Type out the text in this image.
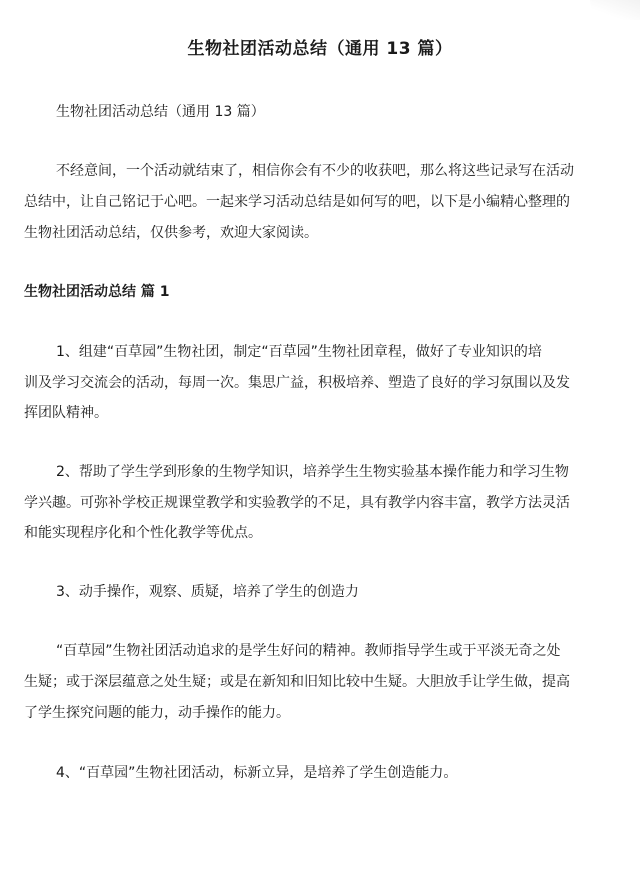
生物社团活动总结（通用 13 篇）
生物社团活动总结（通用 13 篇）
不经意间，一个活动就结束了，相信你会有不少的收获吧，那么将这些记录写在活动
总结中，让自己铭记于心吧。一起来学习活动总结是如何写的吧，以下是小编精心整理的
生物社团活动总结，仅供参考，欢迎大家阅读。
生物社团活动总结 篇 1
1、组建“百草园”生物社团，制定“百草园”生物社团章程，做好了专业知识的培
训及学习交流会的活动，每周一次。集思广益，积极培养、塑造了良好的学习氛围以及发
挥团队精神。
2、帮助了学生学到形象的生物学知识，培养学生生物实验基本操作能力和学习生物
学兴趣。可弥补学校正规课堂教学和实验教学的不足，具有教学内容丰富，教学方法灵活
和能实现程序化和个性化教学等优点。
3、动手操作，观察、质疑，培养了学生的创造力
“百草园”生物社团活动追求的是学生好问的精神。教师指导学生或于平淡无奇之处
生疑；或于深层蕴意之处生疑；或是在新知和旧知比较中生疑。大胆放手让学生做，提高
了学生探究问题的能力，动手操作的能力。
4、“百草园”生物社团活动，标新立异，是培养了学生创造能力。
